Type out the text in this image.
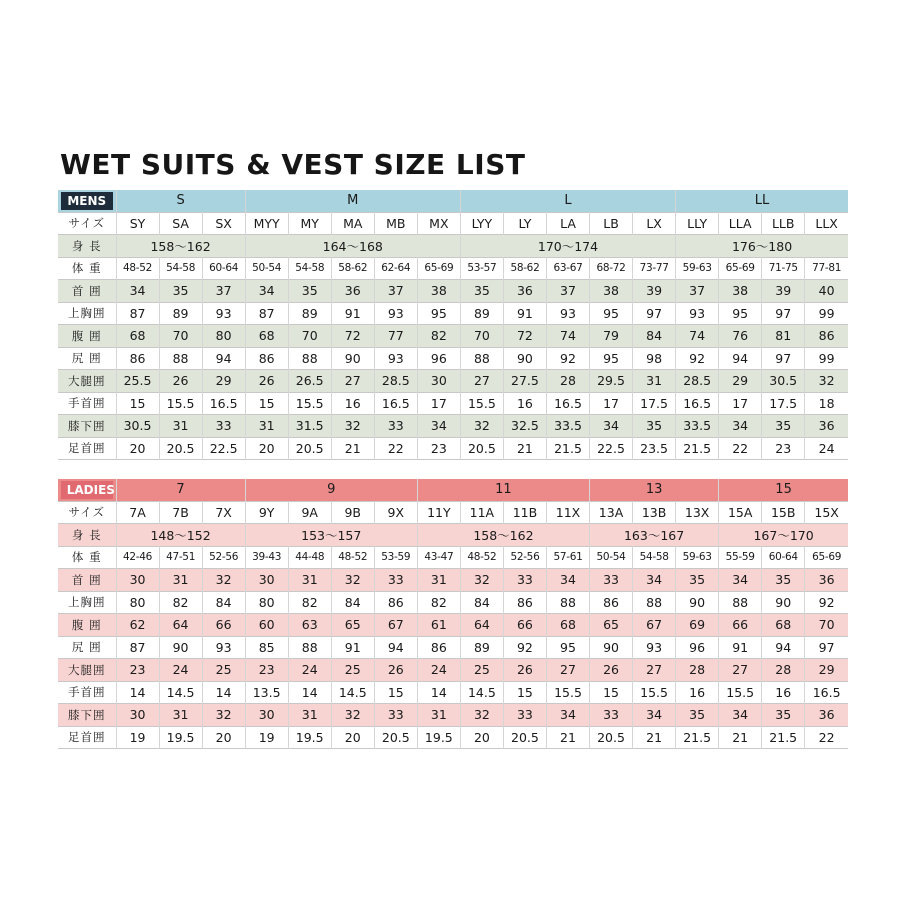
WET SUITS & VEST SIZE LIST
MENS	S			M					L					LL			
サイズ	SY	SA	SX	MYY	MY	MA	MB	MX	LYY	LY	LA	LB	LX	LLY	LLA	LLB	LLX
身 長	158～162			164～168					170～174					176～180			
体 重	48-52	54-58	60-64	50-54	54-58	58-62	62-64	65-69	53-57	58-62	63-67	68-72	73-77	59-63	65-69	71-75	77-81
首 囲	34	35	37	34	35	36	37	38	35	36	37	38	39	37	38	39	40
上胸囲	87	89	93	87	89	91	93	95	89	91	93	95	97	93	95	97	99
腹 囲	68	70	80	68	70	72	77	82	70	72	74	79	84	74	76	81	86
尻 囲	86	88	94	86	88	90	93	96	88	90	92	95	98	92	94	97	99
大腿囲	25.5	26	29	26	26.5	27	28.5	30	27	27.5	28	29.5	31	28.5	29	30.5	32
手首囲	15	15.5	16.5	15	15.5	16	16.5	17	15.5	16	16.5	17	17.5	16.5	17	17.5	18
膝下囲	30.5	31	33	31	31.5	32	33	34	32	32.5	33.5	34	35	33.5	34	35	36
足首囲	20	20.5	22.5	20	20.5	21	22	23	20.5	21	21.5	22.5	23.5	21.5	22	23	24
LADIES	7			9				11				13			15		
サイズ	7A	7B	7X	9Y	9A	9B	9X	11Y	11A	11B	11X	13A	13B	13X	15A	15B	15X
身 長	148～152			153～157				158～162				163～167			167～170		
体 重	42-46	47-51	52-56	39-43	44-48	48-52	53-59	43-47	48-52	52-56	57-61	50-54	54-58	59-63	55-59	60-64	65-69
首 囲	30	31	32	30	31	32	33	31	32	33	34	33	34	35	34	35	36
上胸囲	80	82	84	80	82	84	86	82	84	86	88	86	88	90	88	90	92
腹 囲	62	64	66	60	63	65	67	61	64	66	68	65	67	69	66	68	70
尻 囲	87	90	93	85	88	91	94	86	89	92	95	90	93	96	91	94	97
大腿囲	23	24	25	23	24	25	26	24	25	26	27	26	27	28	27	28	29
手首囲	14	14.5	14	13.5	14	14.5	15	14	14.5	15	15.5	15	15.5	16	15.5	16	16.5
膝下囲	30	31	32	30	31	32	33	31	32	33	34	33	34	35	34	35	36
足首囲	19	19.5	20	19	19.5	20	20.5	19.5	20	20.5	21	20.5	21	21.5	21	21.5	22
